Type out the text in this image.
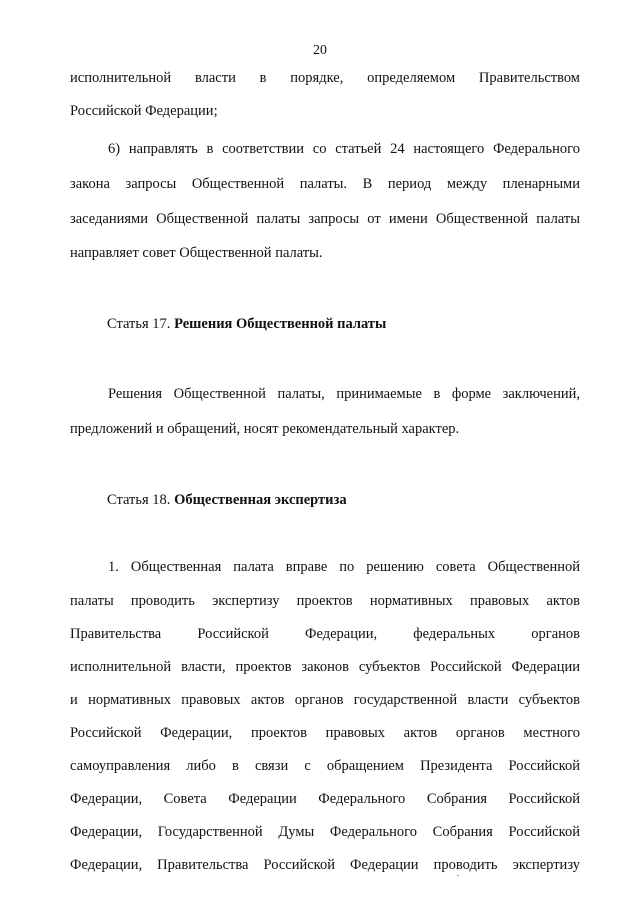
20
исполнительной власти в порядке, определяемом Правительством
Российской Федерации;
6) направлять в соответствии со статьей 24 настоящего Федерального
закона запросы Общественной палаты. В период между пленарными
заседаниями Общественной палаты запросы от имени Общественной палаты
направляет совет Общественной палаты.
Статья 17. Решения Общественной палаты
Решения Общественной палаты, принимаемые в форме заключений,
предложений и обращений, носят рекомендательный характер.
Статья 18. Общественная экспертиза
1. Общественная палата вправе по решению совета Общественной
палаты проводить экспертизу проектов нормативных правовых актов
Правительства Российской Федерации, федеральных органов
исполнительной власти, проектов законов субъектов Российской Федерации
и нормативных правовых актов органов государственной власти субъектов
Российской Федерации, проектов правовых актов органов местного
самоуправления либо в связи с обращением Президента Российской
Федерации, Совета Федерации Федерального Собрания Российской
Федерации, Государственной Думы Федерального Собрания Российской
Федерации, Правительства Российской Федерации проводить экспертизу
